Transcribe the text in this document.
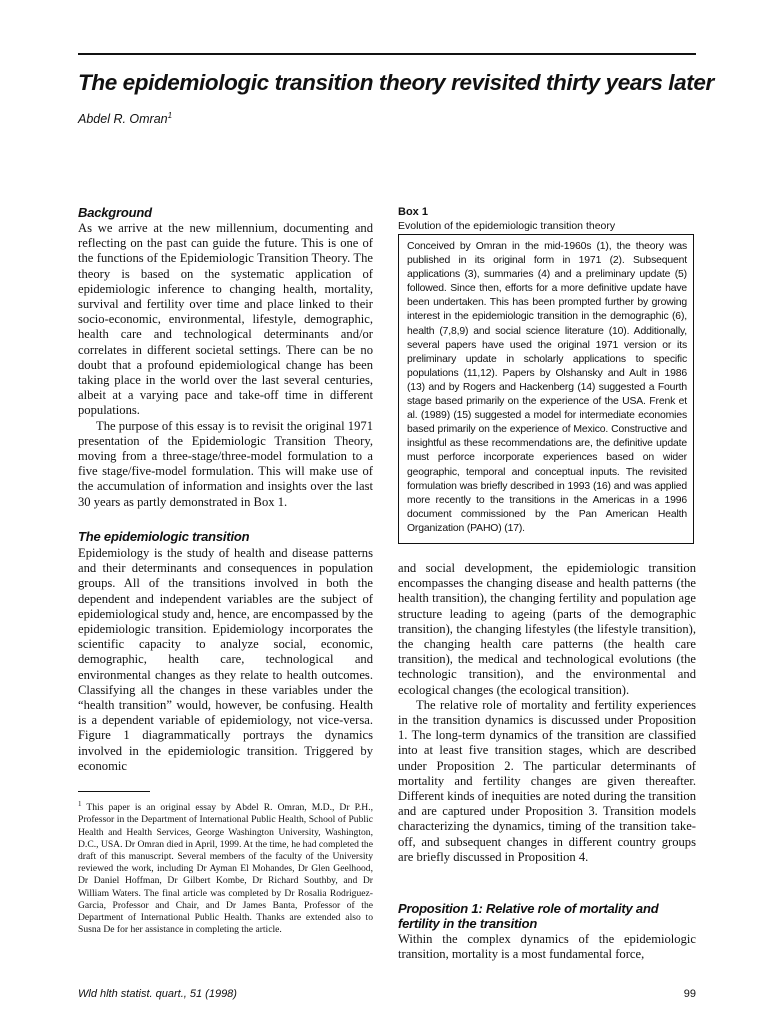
The epidemiologic transition theory revisited thirty years later
Abdel R. Omran$^1$
Background

As we arrive at the new millennium, documenting and reflecting on the past can guide the future. This is one of the functions of the Epidemiologic Transition Theory. The theory is based on the systematic application of epidemiologic inference to changing health, mortality, survival and fertility over time and place linked to their socio-economic, environmental, lifestyle, demographic, health care and technological determinants and/or correlates in different societal settings. There can be no doubt that a profound epidemiological change has been taking place in the world over the last several centuries, albeit at a varying pace and take-off time in different populations.

The purpose of this essay is to revisit the original 1971 presentation of the Epidemiologic Transition Theory, moving from a three-stage/three-model formulation to a five stage/five-model formulation. This will make use of the accumulation of information and insights over the last 30 years as partly demonstrated in Box 1.

The epidemiologic transition

Epidemiology is the study of health and disease patterns and their determinants and consequences in population groups. All of the transitions involved in both the dependent and independent variables are the subject of epidemiological study and, hence, are encompassed by the epidemiologic transition. Epidemiology incorporates the scientific capacity to analyze social, economic, demographic, health care, technological and environmental changes as they relate to health outcomes. Classifying all the changes in these variables under the “health transition” would, however, be confusing. Health is a dependent variable of epidemiology, not vice-versa. Figure 1 diagrammatically portrays the dynamics involved in the epidemiologic transition. Triggered by economic

$^1$ This paper is an original essay by Abdel R. Omran, M.D., Dr P.H., Professor in the Department of International Public Health, School of Public Health and Health Services, George Washington University, Washington, D.C., USA. Dr Omran died in April, 1999. At the time, he had completed the draft of this manuscript. Several members of the faculty of the University reviewed the work, including Dr Ayman El Mohandes, Dr Glen Geelhood, Dr Daniel Hoffman, Dr Gilbert Kombe, Dr Richard Southby, and Dr William Waters. The final article was completed by Dr Rosalia Rodriguez-Garcia, Professor and Chair, and Dr James Banta, Professor of the Department of International Public Health. Thanks are extended also to Susna De for her assistance in completing the article.
Box 1
Evolution of the epidemiologic transition theory
Conceived by Omran in the mid-1960s (1), the theory was published in its original form in 1971 (2). Subsequent applications (3), summaries (4) and a preliminary update (5) followed. Since then, efforts for a more definitive update have been undertaken. This has been prompted further by growing interest in the epidemiologic transition in the demographic (6), health (7,8,9) and social science literature (10). Additionally, several papers have used the original 1971 version or its preliminary update in scholarly applications to specific populations (11,12). Papers by Olshansky and Ault in 1986 (13) and by Rogers and Hackenberg (14) suggested a Fourth stage based primarily on the experience of the USA. Frenk et al. (1989) (15) suggested a model for intermediate economies based primarily on the experience of Mexico. Constructive and insightful as these recommendations are, the definitive update must perforce incorporate experiences based on wider geographic, temporal and conceptual inputs. The revisited formulation was briefly described in 1993 (16) and was applied more recently to the transitions in the Americas in a 1996 document commissioned by the Pan American Health Organization (PAHO) (17).

and social development, the epidemiologic transition encompasses the changing disease and health patterns (the health transition), the changing fertility and population age structure leading to ageing (parts of the demographic transition), the changing lifestyles (the lifestyle transition), the changing health care patterns (the health care transition), the medical and technological evolutions (the technologic transition), and the environmental and ecological changes (the ecological transition).

The relative role of mortality and fertility experiences in the transition dynamics is discussed under Proposition 1. The long-term dynamics of the transition are classified into at least five transition stages, which are described under Proposition 2. The particular determinants of mortality and fertility changes are given thereafter. Different kinds of inequities are noted during the transition and are captured under Proposition 3. Transition models characterizing the dynamics, timing of the transition take-off, and subsequent changes in different country groups are briefly discussed in Proposition 4.

Proposition 1: Relative role of mortality and fertility in the transition

Within the complex dynamics of the epidemiologic transition, mortality is a most fundamental force,

Wld hlth statist. quart., 51 (1998)	99
